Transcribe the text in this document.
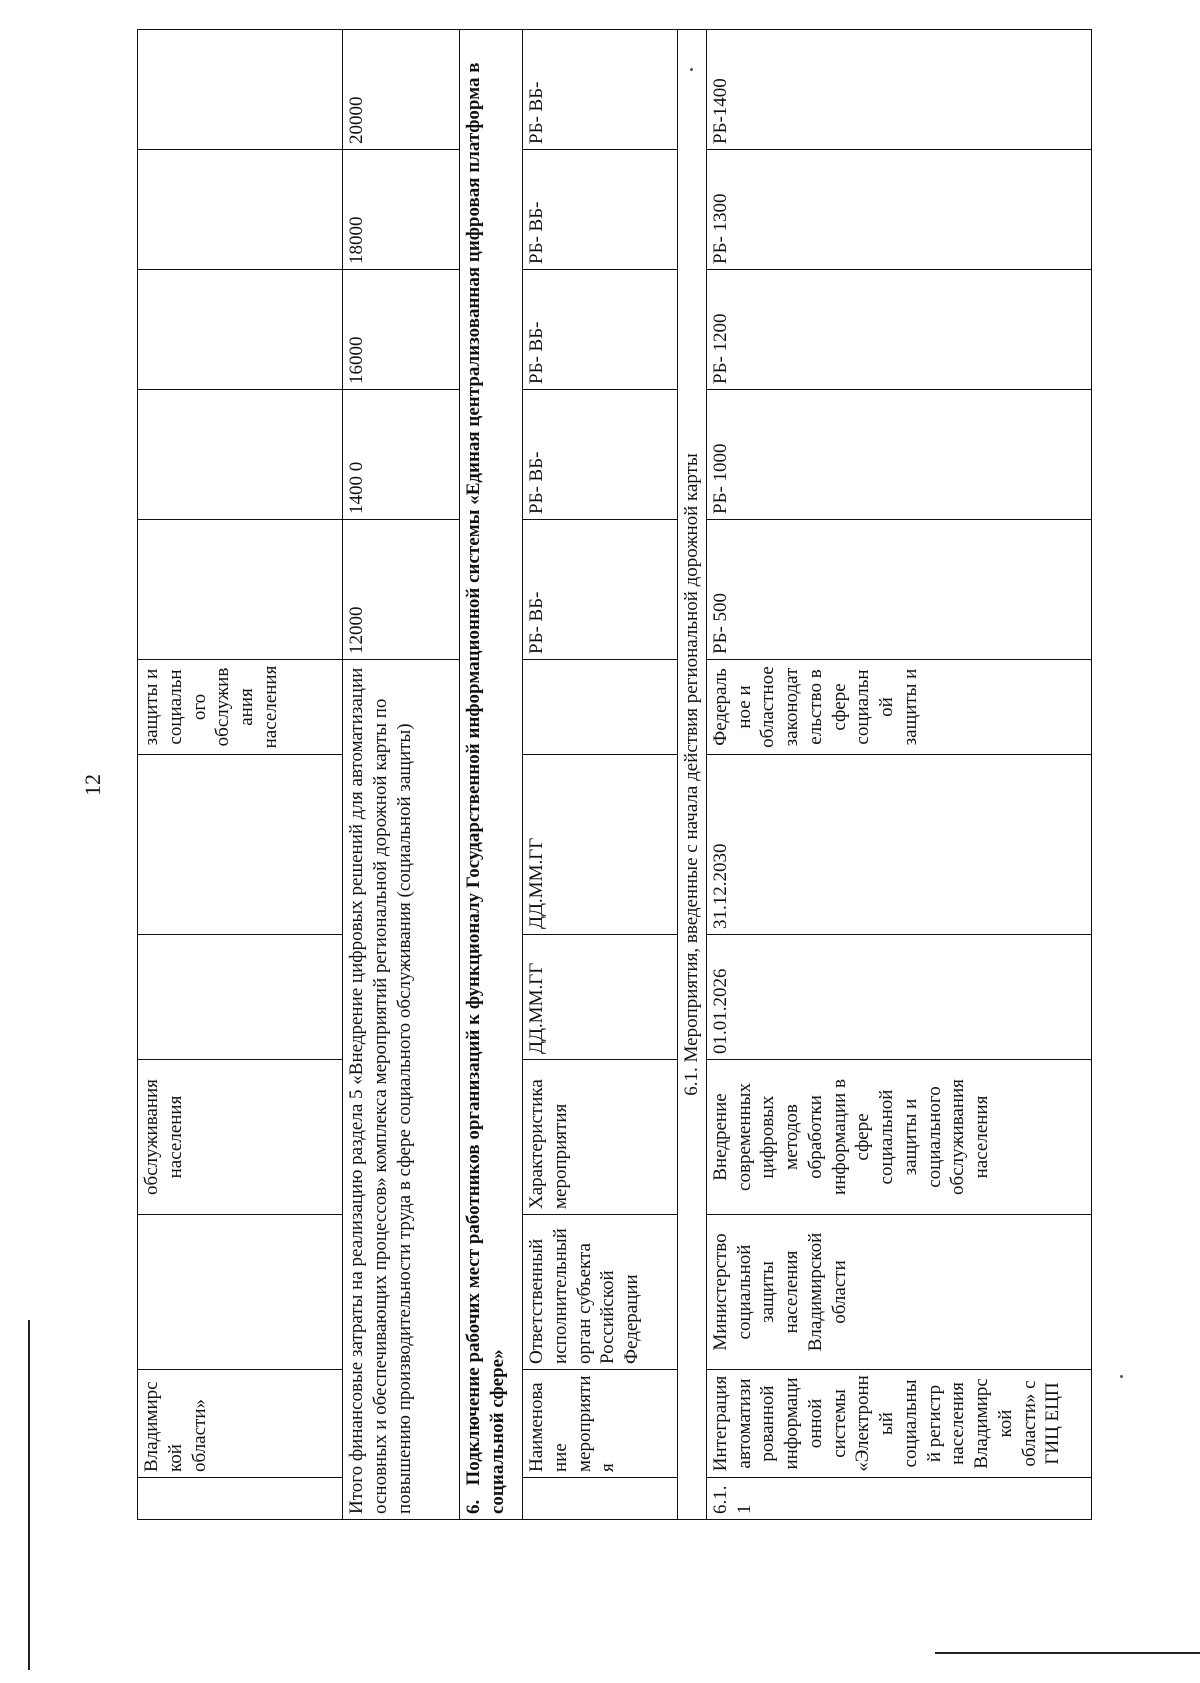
12
	Владимирской области»		обслуживания населения			защиты и социального обслуживания населения					
Итого финансовые затраты на реализацию раздела 5 «Внедрение цифровых решений для автоматизации основных и обеспечивающих процессов» комплекса мероприятий региональной дорожной карты по повышению производительности труда в сфере социального обслуживания (социальной защиты)							12000	1400 0	16000	18000	20000
6.   Подключение рабочих мест работников организаций к функционалу Государственной информационной системы «Единая централизованная цифровая платформа в социальной сфере»											
	Наименование мероприятия	Ответственный исполнительный орган субъекта Российской Федерации	Характеристика мероприятия	ДД.ММ.ГГ	ДД.ММ.ГГ		РБ- ВБ-	РБ- ВБ-	РБ- ВБ-	РБ- ВБ-	РБ- ВБ-
6.1. Мероприятия, введенные с начала действия региональной дорожной карты											
6.1.1	Интеграция автоматизированной информационной системы «Электронный социальный регистр населения Владимирской области» с ГИЦ ЕЦП	Министерство социальной защиты населения Владимирской области	Внедрение современных цифровых методов обработки информации в сфере социальной защиты и социального обслуживания населения	01.01.2026	31.12.2030	Федеральное и областное законодательство в сфере социальной защиты и	РБ- 500	РБ- 1000	РБ- 1200	РБ- 1300	РБ-1400
